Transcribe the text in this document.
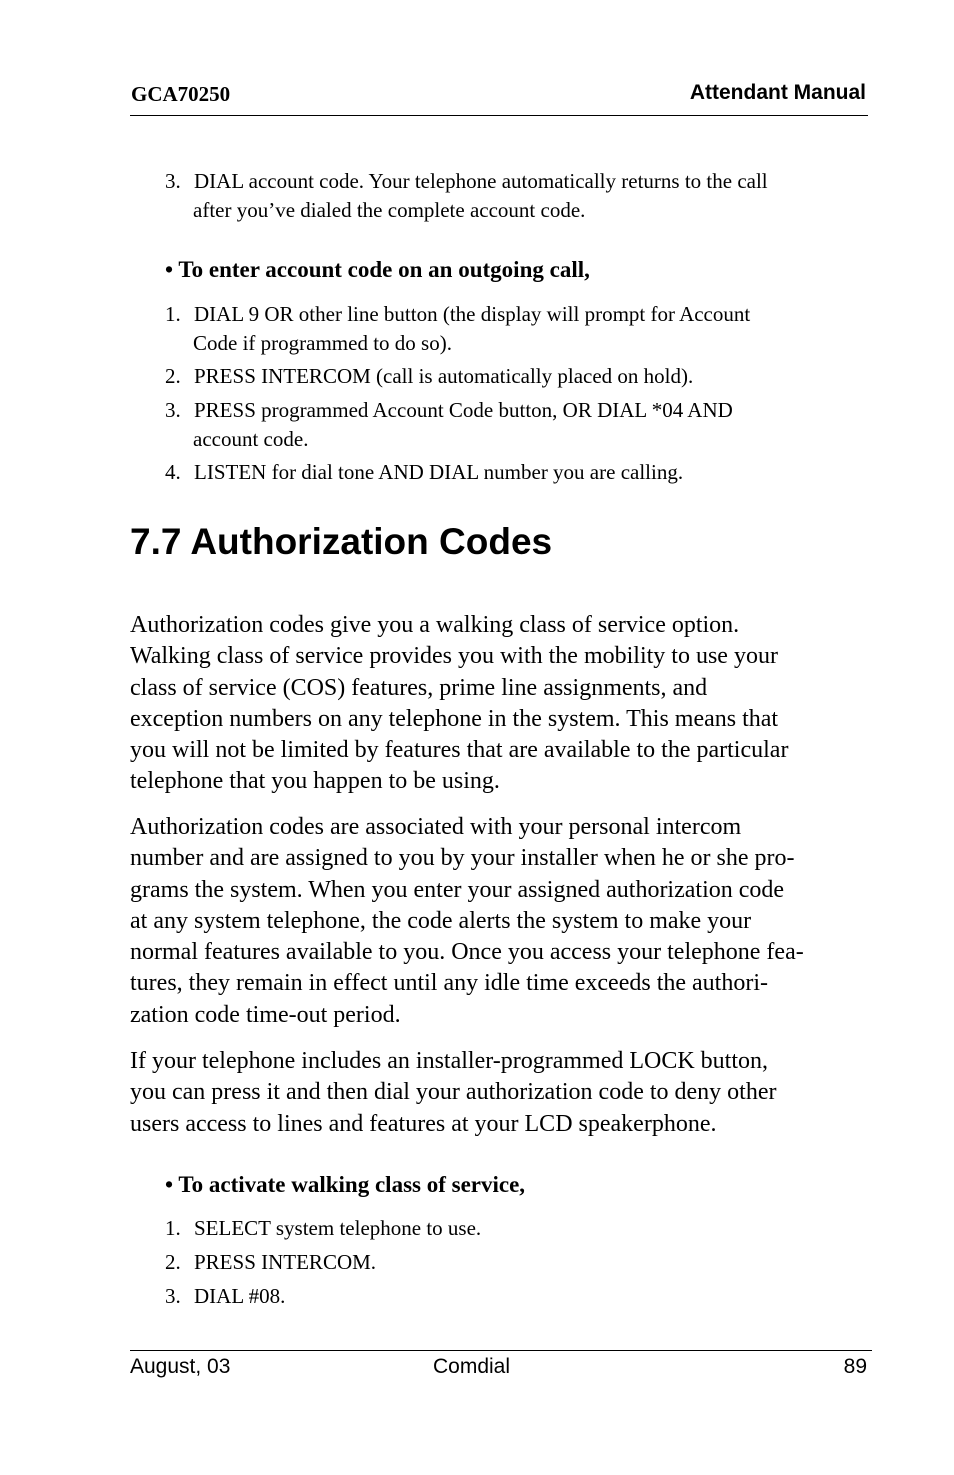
GCA70250	Attendant Manual
3. DIAL account code. Your telephone automatically returns to the call
after you’ve dialed the complete account code.
• To enter account code on an outgoing call,
1. DIAL 9 OR other line button (the display will prompt for Account
Code if programmed to do so).
2. PRESS INTERCOM (call is automatically placed on hold).
3. PRESS programmed Account Code button, OR DIAL *04 AND
account code.
4. LISTEN for dial tone AND DIAL number you are calling.
7.7 Authorization Codes
Authorization codes give you a walking class of service option.
Walking class of service provides you with the mobility to use your
class of service (COS) features, prime line assignments, and
exception numbers on any telephone in the system. This means that
you will not be limited by features that are available to the particular
telephone that you happen to be using.
Authorization codes are associated with your personal intercom
number and are assigned to you by your installer when he or she pro-
grams the system. When you enter your assigned authorization code
at any system telephone, the code alerts the system to make your
normal features available to you. Once you access your telephone fea-
tures, they remain in effect until any idle time exceeds the authori-
zation code time-out period.
If your telephone includes an installer-programmed LOCK button,
you can press it and then dial your authorization code to deny other
users access to lines and features at your LCD speakerphone.
• To activate walking class of service,
1. SELECT system telephone to use.
2. PRESS INTERCOM.
3. DIAL #08.
August, 03	Comdial	89
